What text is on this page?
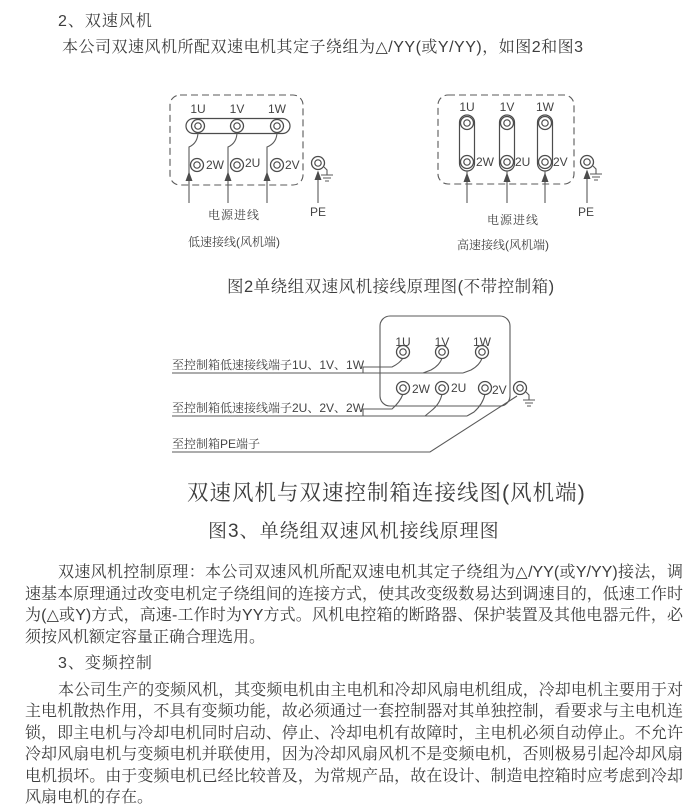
2、双速风机
本公司双速风机所配双速电机其定子绕组为△/YY(或Y/YY)，如图2和图3
1U 1V 1W
2W 2U 2V
电源进线	PE
低速接线(风机端)
1U 1V 1W
2W 2U 2V
电源进线
PE
高速接线(风机端)
图2单绕组双速风机接线原理图(不带控制箱)
1U 1V 1W
2W 2U 2V
至控制箱低速接线端子1U、1V、1W
至控制箱低速接线端子2U、2V、2W
至控制箱PE端子
双速风机与双速控制箱连接线图(风机端)
图3、单绕组双速风机接线原理图

双速风机控制原理：本公司双速风机所配双速电机其定子绕组为△/YY(或Y/YY)接法，调速基本原理通过改变电机定子绕组间的连接方式，使其改变级数易达到调速目的，低速工作时为(△或Y)方式，高速-工作时为YY方式。风机电控箱的断路器、保护装置及其他电器元件，必须按风机额定容量正确合理选用。

3、变频控制

本公司生产的变频风机，其变频电机由主电机和冷却风扇电机组成，冷却电机主要用于对主电机散热作用，不具有变频功能，故必须通过一套控制器对其单独控制，看要求与主电机连锁，即主电机与冷却电机同时启动、停止、冷却电机有故障时，主电机必须自动停止。不允许冷却风扇电机与变频电机并联使用，因为冷却风扇风机不是变频电机，否则极易引起冷却风扇电机损坏。由于变频电机已经比较普及，为常规产品，故在设计、制造电控箱时应考虑到冷却风扇电机的存在。
